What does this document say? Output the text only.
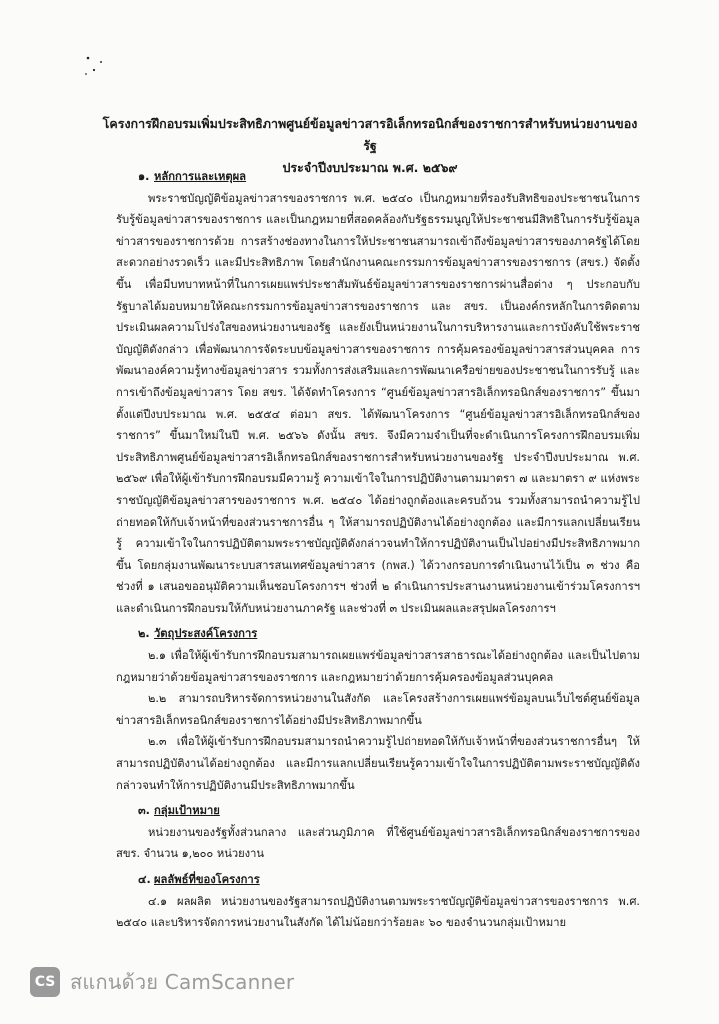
โครงการฝึกอบรมเพิ่มประสิทธิภาพศูนย์ข้อมูลข่าวสารอิเล็กทรอนิกส์ของราชการสำหรับหน่วยงานของรัฐ
ประจำปีงบประมาณ พ.ศ. ๒๕๖๙
๑. หลักการและเหตุผล

พระราชบัญญัติข้อมูลข่าวสารของราชการ พ.ศ. ๒๕๔๐ เป็นกฎหมายที่รองรับสิทธิของประชาชนในการรับรู้ข้อมูลข่าวสารของราชการ และเป็นกฎหมายที่สอดคล้องกับรัฐธรรมนูญให้ประชาชนมีสิทธิในการรับรู้ข้อมูลข่าวสารของราชการด้วย การสร้างช่องทางในการให้ประชาชนสามารถเข้าถึงข้อมูลข่าวสารของภาครัฐได้โดยสะดวกอย่างรวดเร็ว และมีประสิทธิภาพ โดยสำนักงานคณะกรรมการข้อมูลข่าวสารของราชการ (สขร.) จัดตั้งขึ้น เพื่อมีบทบาทหน้าที่ในการเผยแพร่ประชาสัมพันธ์ข้อมูลข่าวสารของราชการผ่านสื่อต่าง ๆ ประกอบกับรัฐบาลได้มอบหมายให้คณะกรรมการข้อมูลข่าวสารของราชการ และ สขร. เป็นองค์กรหลักในการติดตามประเมินผลความโปร่งใสของหน่วยงานของรัฐ และยังเป็นหน่วยงานในการบริหารงานและการบังคับใช้พระราชบัญญัติดังกล่าว เพื่อพัฒนาการจัดระบบข้อมูลข่าวสารของราชการ การคุ้มครองข้อมูลข่าวสารส่วนบุคคล การพัฒนาองค์ความรู้ทางข้อมูลข่าวสาร รวมทั้งการส่งเสริมและการพัฒนาเครือข่ายของประชาชนในการรับรู้ และการเข้าถึงข้อมูลข่าวสาร โดย สขร. ได้จัดทำโครงการ “ศูนย์ข้อมูลข่าวสารอิเล็กทรอนิกส์ของราชการ” ขึ้นมาตั้งแต่ปีงบประมาณ พ.ศ. ๒๕๕๔ ต่อมา สขร. ได้พัฒนาโครงการ “ศูนย์ข้อมูลข่าวสารอิเล็กทรอนิกส์ของราชการ” ขึ้นมาใหม่ในปี พ.ศ. ๒๕๖๖ ดังนั้น สขร. จึงมีความจำเป็นที่จะดำเนินการโครงการฝึกอบรมเพิ่มประสิทธิภาพศูนย์ข้อมูลข่าวสารอิเล็กทรอนิกส์ของราชการสำหรับหน่วยงานของรัฐ ประจำปีงบประมาณ พ.ศ. ๒๕๖๙ เพื่อให้ผู้เข้ารับการฝึกอบรมมีความรู้ ความเข้าใจในการปฏิบัติงานตามมาตรา ๗ และมาตรา ๙ แห่งพระราชบัญญัติข้อมูลข่าวสารของราชการ พ.ศ. ๒๕๔๐ ได้อย่างถูกต้องและครบถ้วน รวมทั้งสามารถนำความรู้ไปถ่ายทอดให้กับเจ้าหน้าที่ของส่วนราชการอื่น ๆ ให้สามารถปฏิบัติงานได้อย่างถูกต้อง และมีการแลกเปลี่ยนเรียนรู้ ความเข้าใจในการปฏิบัติตามพระราชบัญญัติดังกล่าวจนทำให้การปฏิบัติงานเป็นไปอย่างมีประสิทธิภาพมากขึ้น โดยกลุ่มงานพัฒนาระบบสารสนเทศข้อมูลข่าวสาร (กพส.) ได้วางกรอบการดำเนินงานไว้เป็น ๓ ช่วง คือ ช่วงที่ ๑ เสนอขออนุมัติความเห็นชอบโครงการฯ ช่วงที่ ๒ ดำเนินการประสานงานหน่วยงานเข้าร่วมโครงการฯ และดำเนินการฝึกอบรมให้กับหน่วยงานภาครัฐ และช่วงที่ ๓ ประเมินผลและสรุปผลโครงการฯ

๒. วัตถุประสงค์โครงการ

๒.๑ เพื่อให้ผู้เข้ารับการฝึกอบรมสามารถเผยแพร่ข้อมูลข่าวสารสาธารณะได้อย่างถูกต้อง และเป็นไปตามกฎหมายว่าด้วยข้อมูลข่าวสารของราชการ และกฎหมายว่าด้วยการคุ้มครองข้อมูลส่วนบุคคล

๒.๒ สามารถบริหารจัดการหน่วยงานในสังกัด และโครงสร้างการเผยแพร่ข้อมูลบนเว็บไซต์ศูนย์ข้อมูลข่าวสารอิเล็กทรอนิกส์ของราชการได้อย่างมีประสิทธิภาพมากขึ้น

๒.๓ เพื่อให้ผู้เข้ารับการฝึกอบรมสามารถนำความรู้ไปถ่ายทอดให้กับเจ้าหน้าที่ของส่วนราชการอื่นๆ ให้สามารถปฏิบัติงานได้อย่างถูกต้อง และมีการแลกเปลี่ยนเรียนรู้ความเข้าใจในการปฏิบัติตามพระราชบัญญัติดังกล่าวจนทำให้การปฏิบัติงานมีประสิทธิภาพมากขึ้น

๓. กลุ่มเป้าหมาย

หน่วยงานของรัฐทั้งส่วนกลาง และส่วนภูมิภาค ที่ใช้ศูนย์ข้อมูลข่าวสารอิเล็กทรอนิกส์ของราชการของ สขร. จำนวน ๑,๒๐๐ หน่วยงาน

๔. ผลลัพธ์ที่ของโครงการ

๔.๑ ผลผลิต หน่วยงานของรัฐสามารถปฏิบัติงานตามพระราชบัญญัติข้อมูลข่าวสารของราชการ พ.ศ. ๒๕๔๐ และบริหารจัดการหน่วยงานในสังกัด ได้ไม่น้อยกว่าร้อยละ ๖๐ ของจำนวนกลุ่มเป้าหมาย

CS สแกนด้วย CamScanner
